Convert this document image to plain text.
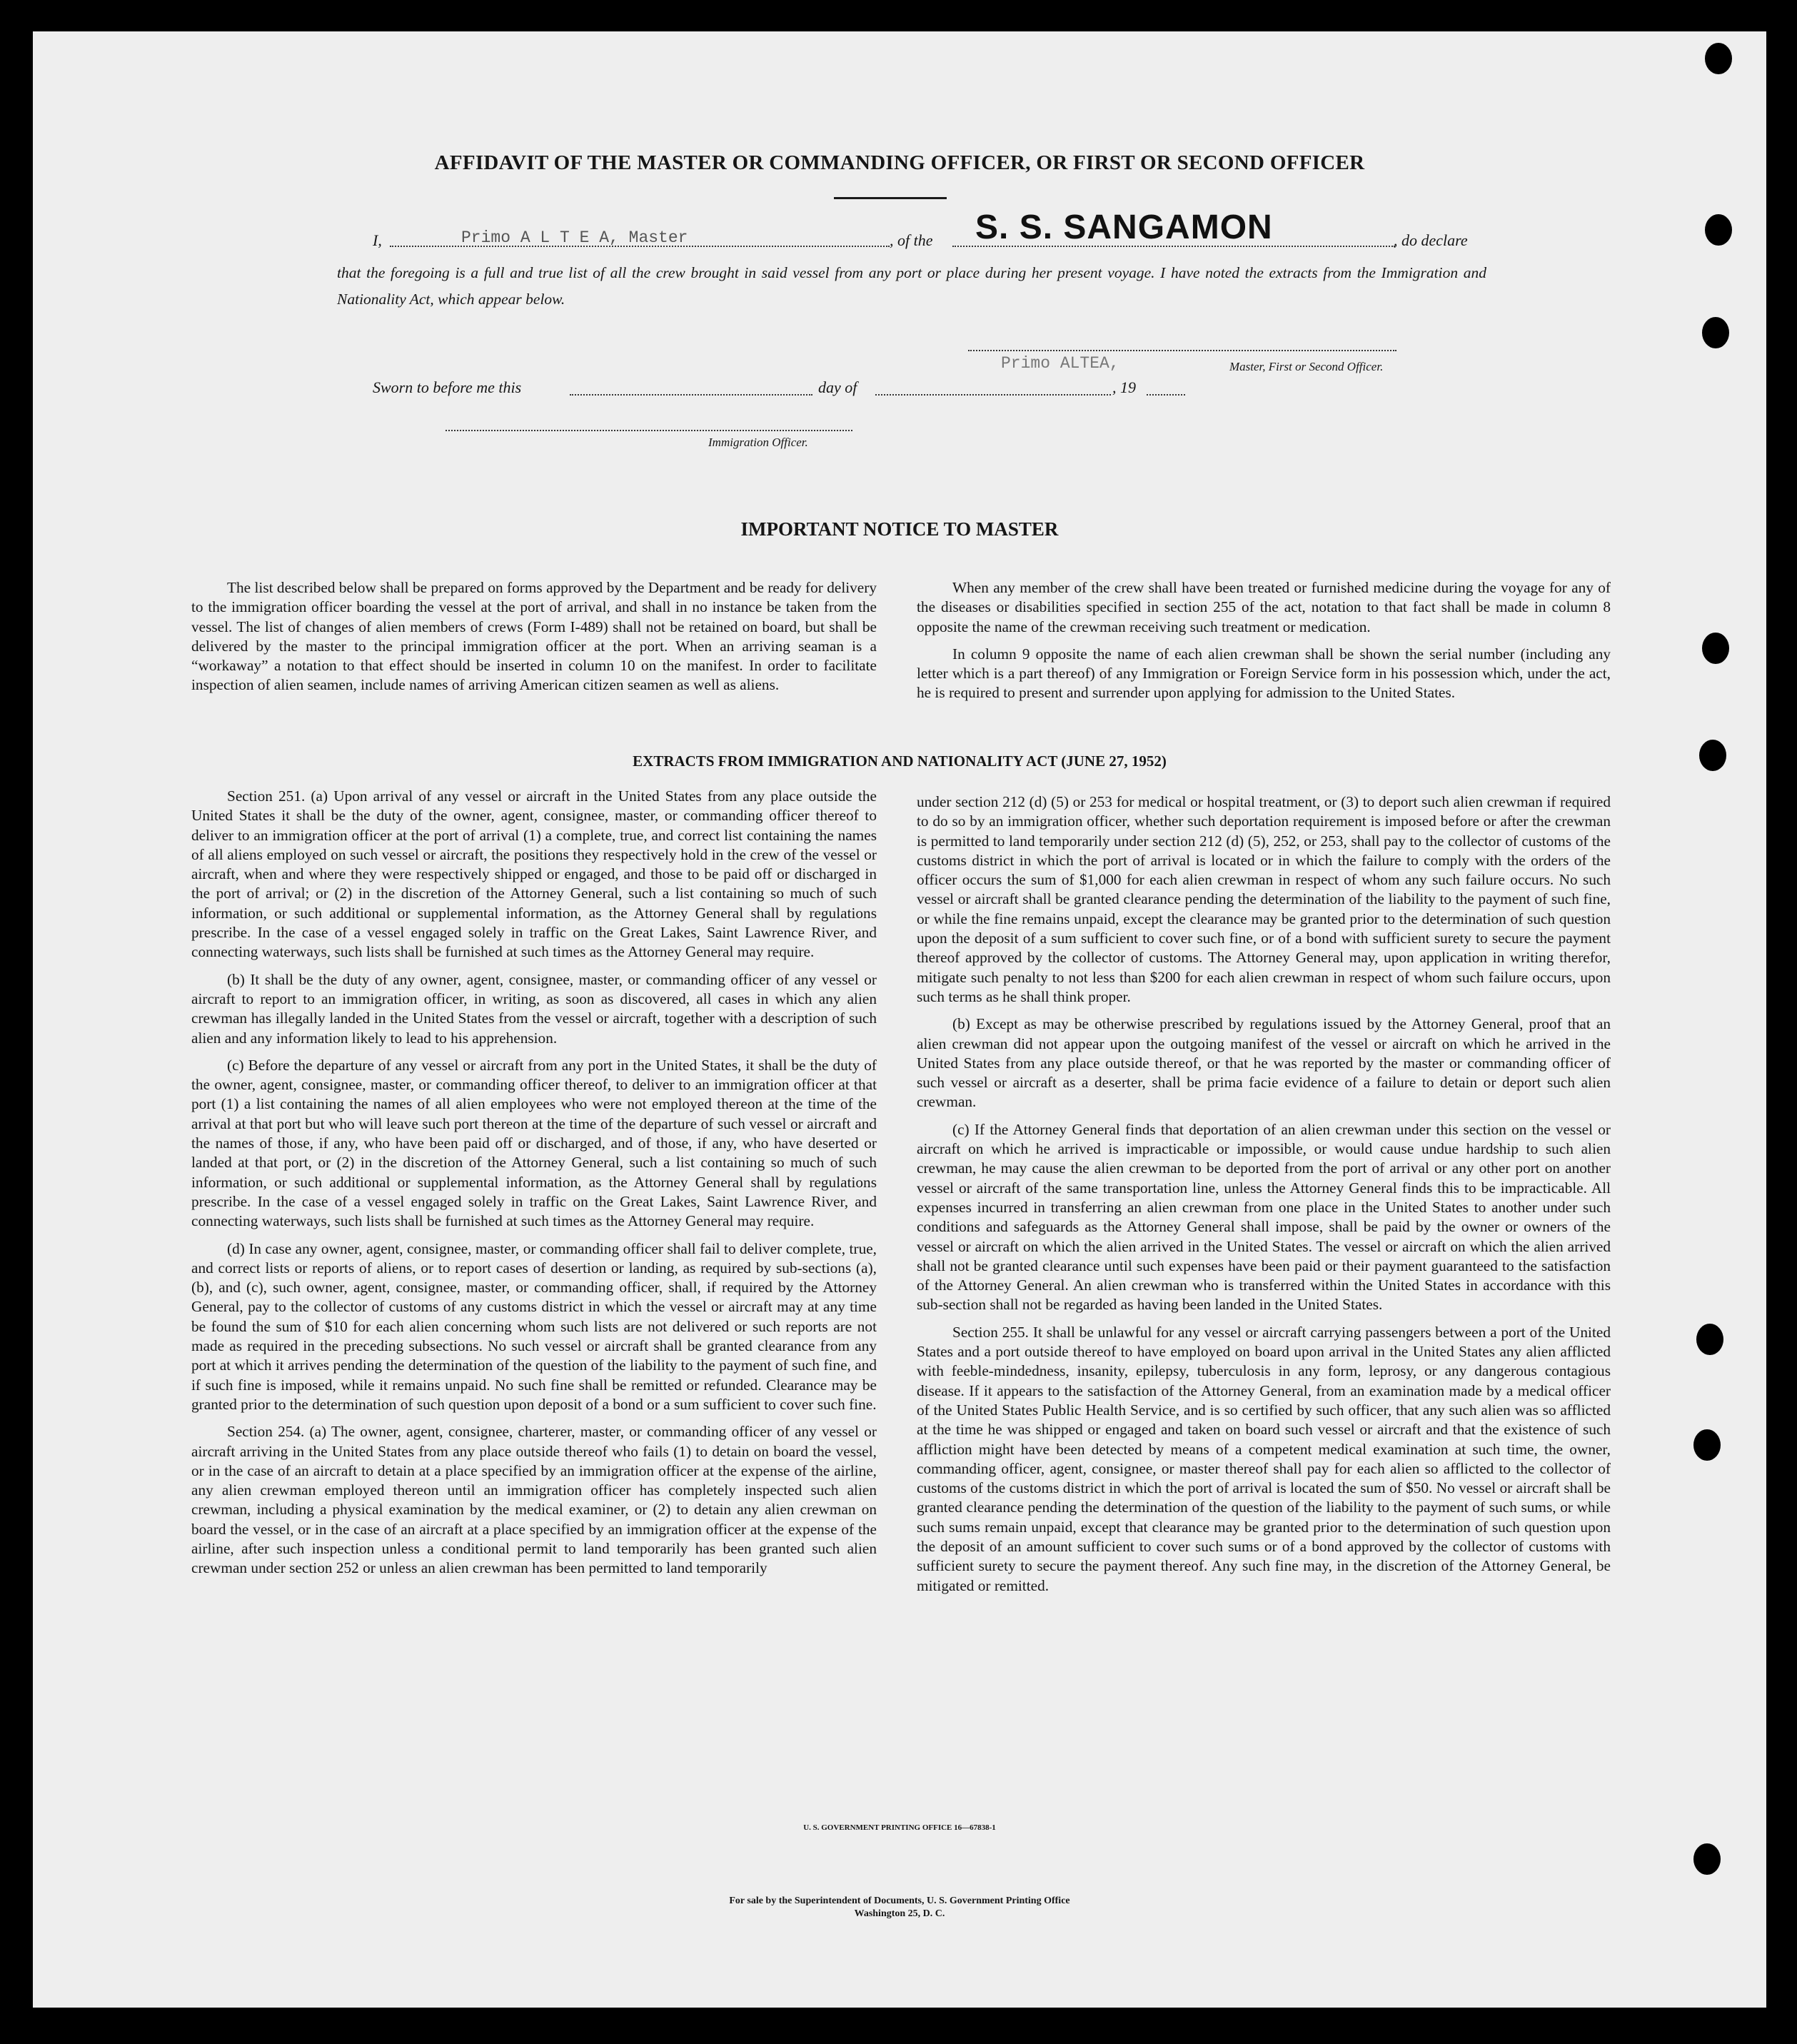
AFFIDAVIT OF THE MASTER OR COMMANDING OFFICER, OR FIRST OR SECOND OFFICER
I,	Primo A L T E A, Master	, of the S. S. SANGAMON	, do declare
that the foregoing is a full and true list of all the crew brought in said vessel from any port or place during her present voyage. I have noted the extracts from the Immigration and Nationality Act, which appear below.
Primo ALTEA,	Master, First or Second Officer.
Sworn to before me this	day of	, 19
Immigration Officer.
IMPORTANT NOTICE TO MASTER

The list described below shall be prepared on forms approved by the Department and be ready for delivery to the immigration officer boarding the vessel at the port of arrival, and shall in no instance be taken from the vessel. The list of changes of alien members of crews (Form I-489) shall not be retained on board, but shall be delivered by the master to the principal immigration officer at the port. When an arriving seaman is a “workaway” a notation to that effect should be inserted in column 10 on the manifest. In order to facilitate inspection of alien seamen, include names of arriving American citizen seamen as well as aliens.

When any member of the crew shall have been treated or furnished medicine during the voyage for any of the diseases or disabilities specified in section 255 of the act, notation to that fact shall be made in column 8 opposite the name of the crewman receiving such treatment or medication.

In column 9 opposite the name of each alien crewman shall be shown the serial number (including any letter which is a part thereof) of any Immigration or Foreign Service form in his possession which, under the act, he is required to present and surrender upon applying for admission to the United States.

EXTRACTS FROM IMMIGRATION AND NATIONALITY ACT (JUNE 27, 1952)

Section 251. (a) Upon arrival of any vessel or aircraft in the United States from any place outside the United States it shall be the duty of the owner, agent, consignee, master, or commanding officer thereof to deliver to an immigration officer at the port of arrival (1) a complete, true, and correct list containing the names of all aliens employed on such vessel or aircraft, the positions they respectively hold in the crew of the vessel or aircraft, when and where they were respectively shipped or engaged, and those to be paid off or discharged in the port of arrival; or (2) in the discretion of the Attorney General, such a list containing so much of such information, or such additional or supplemental information, as the Attorney General shall by regulations prescribe. In the case of a vessel engaged solely in traffic on the Great Lakes, Saint Lawrence River, and connecting waterways, such lists shall be furnished at such times as the Attorney General may require.

(b) It shall be the duty of any owner, agent, consignee, master, or commanding officer of any vessel or aircraft to report to an immigration officer, in writing, as soon as discovered, all cases in which any alien crewman has illegally landed in the United States from the vessel or aircraft, together with a description of such alien and any information likely to lead to his apprehension.

(c) Before the departure of any vessel or aircraft from any port in the United States, it shall be the duty of the owner, agent, consignee, master, or commanding officer thereof, to deliver to an immigration officer at that port (1) a list containing the names of all alien employees who were not employed thereon at the time of the arrival at that port but who will leave such port thereon at the time of the departure of such vessel or aircraft and the names of those, if any, who have been paid off or discharged, and of those, if any, who have deserted or landed at that port, or (2) in the discretion of the Attorney General, such a list containing so much of such information, or such additional or supplemental information, as the Attorney General shall by regulations prescribe. In the case of a vessel engaged solely in traffic on the Great Lakes, Saint Lawrence River, and connecting waterways, such lists shall be furnished at such times as the Attorney General may require.

(d) In case any owner, agent, consignee, master, or commanding officer shall fail to deliver complete, true, and correct lists or reports of aliens, or to report cases of desertion or landing, as required by sub-sections (a), (b), and (c), such owner, agent, consignee, master, or commanding officer, shall, if required by the Attorney General, pay to the collector of customs of any customs district in which the vessel or aircraft may at any time be found the sum of $10 for each alien concerning whom such lists are not delivered or such reports are not made as required in the preceding subsections. No such vessel or aircraft shall be granted clearance from any port at which it arrives pending the determination of the question of the liability to the payment of such fine, and if such fine is imposed, while it remains unpaid. No such fine shall be remitted or refunded. Clearance may be granted prior to the determination of such question upon deposit of a bond or a sum sufficient to cover such fine.

Section 254. (a) The owner, agent, consignee, charterer, master, or commanding officer of any vessel or aircraft arriving in the United States from any place outside thereof who fails (1) to detain on board the vessel, or in the case of an aircraft to detain at a place specified by an immigration officer at the expense of the airline, any alien crewman employed thereon until an immigration officer has completely inspected such alien crewman, including a physical examination by the medical examiner, or (2) to detain any alien crewman on board the vessel, or in the case of an aircraft at a place specified by an immigration officer at the expense of the airline, after such inspection unless a conditional permit to land temporarily has been granted such alien crewman under section 252 or unless an alien crewman has been permitted to land temporarily

under section 212 (d) (5) or 253 for medical or hospital treatment, or (3) to deport such alien crewman if required to do so by an immigration officer, whether such deportation requirement is imposed before or after the crewman is permitted to land temporarily under section 212 (d) (5), 252, or 253, shall pay to the collector of customs of the customs district in which the port of arrival is located or in which the failure to comply with the orders of the officer occurs the sum of $1,000 for each alien crewman in respect of whom any such failure occurs. No such vessel or aircraft shall be granted clearance pending the determination of the liability to the payment of such fine, or while the fine remains unpaid, except the clearance may be granted prior to the determination of such question upon the deposit of a sum sufficient to cover such fine, or of a bond with sufficient surety to secure the payment thereof approved by the collector of customs. The Attorney General may, upon application in writing therefor, mitigate such penalty to not less than $200 for each alien crewman in respect of whom such failure occurs, upon such terms as he shall think proper.

(b) Except as may be otherwise prescribed by regulations issued by the Attorney General, proof that an alien crewman did not appear upon the outgoing manifest of the vessel or aircraft on which he arrived in the United States from any place outside thereof, or that he was reported by the master or commanding officer of such vessel or aircraft as a deserter, shall be prima facie evidence of a failure to detain or deport such alien crewman.

(c) If the Attorney General finds that deportation of an alien crewman under this section on the vessel or aircraft on which he arrived is impracticable or impossible, or would cause undue hardship to such alien crewman, he may cause the alien crewman to be deported from the port of arrival or any other port on another vessel or aircraft of the same transportation line, unless the Attorney General finds this to be impracticable. All expenses incurred in transferring an alien crewman from one place in the United States to another under such conditions and safeguards as the Attorney General shall impose, shall be paid by the owner or owners of the vessel or aircraft on which the alien arrived in the United States. The vessel or aircraft on which the alien arrived shall not be granted clearance until such expenses have been paid or their payment guaranteed to the satisfaction of the Attorney General. An alien crewman who is transferred within the United States in accordance with this sub-section shall not be regarded as having been landed in the United States.

Section 255. It shall be unlawful for any vessel or aircraft carrying passengers between a port of the United States and a port outside thereof to have employed on board upon arrival in the United States any alien afflicted with feeble-mindedness, insanity, epilepsy, tuberculosis in any form, leprosy, or any dangerous contagious disease. If it appears to the satisfaction of the Attorney General, from an examination made by a medical officer of the United States Public Health Service, and is so certified by such officer, that any such alien was so afflicted at the time he was shipped or engaged and taken on board such vessel or aircraft and that the existence of such affliction might have been detected by means of a competent medical examination at such time, the owner, commanding officer, agent, consignee, or master thereof shall pay for each alien so afflicted to the collector of customs of the customs district in which the port of arrival is located the sum of $50. No vessel or aircraft shall be granted clearance pending the determination of the question of the liability to the payment of such sums, or while such sums remain unpaid, except that clearance may be granted prior to the determination of such question upon the deposit of an amount sufficient to cover such sums or of a bond approved by the collector of customs with sufficient surety to secure the payment thereof. Any such fine may, in the discretion of the Attorney General, be mitigated or remitted.

U. S. GOVERNMENT PRINTING OFFICE 16—67838-1
For sale by the Superintendent of Documents, U. S. Government Printing Office
Washington 25, D. C.
